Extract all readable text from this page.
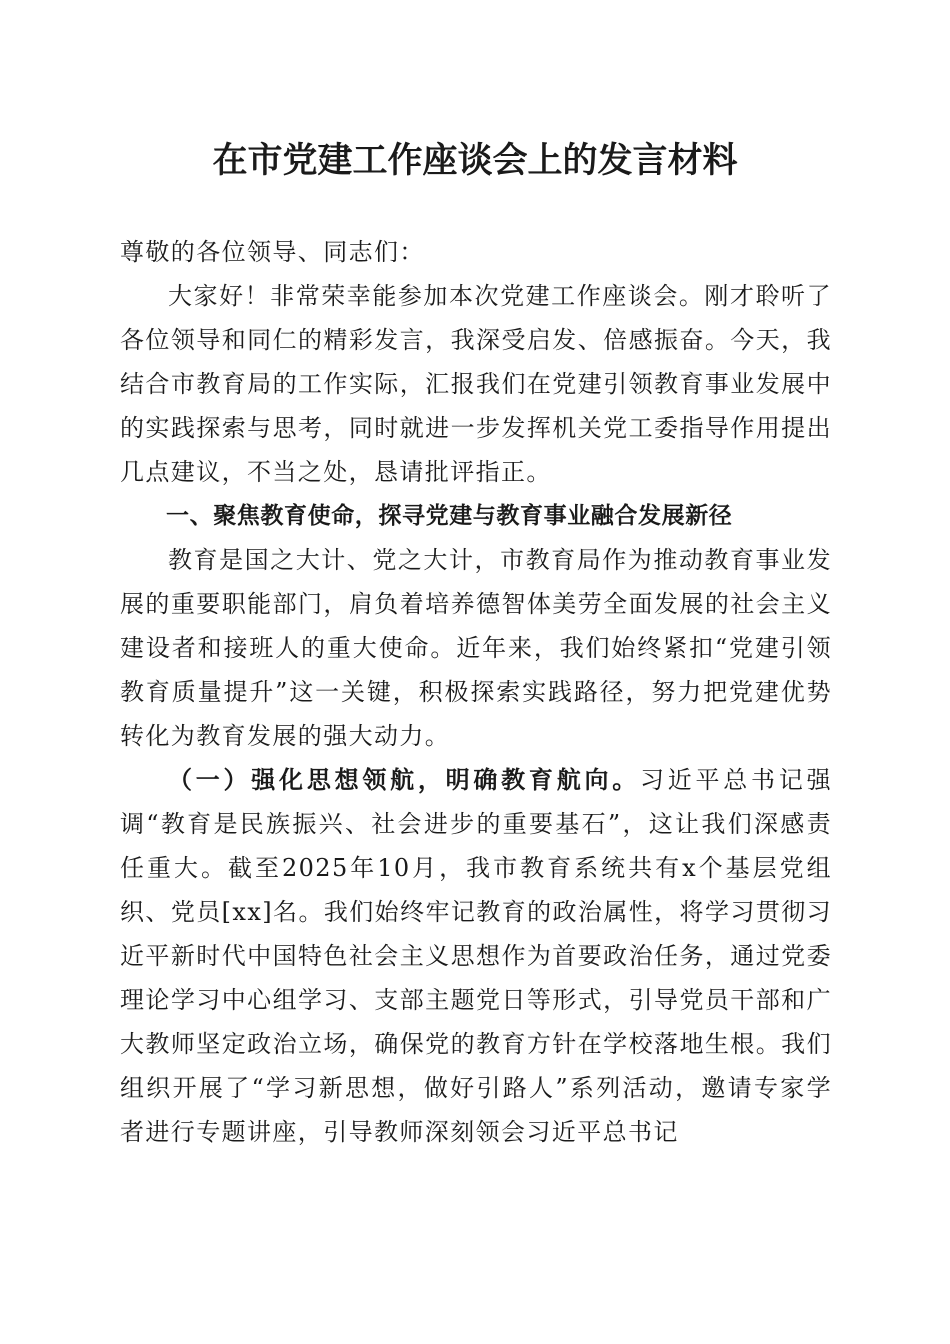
在市党建工作座谈会上的发言材料

尊敬的各位领导、同志们：

大家好！非常荣幸能参加本次党建工作座谈会。刚才聆听了各位领导和同仁的精彩发言，我深受启发、倍感振奋。今天，我结合市教育局的工作实际，汇报我们在党建引领教育事业发展中的实践探索与思考，同时就进一步发挥机关党工委指导作用提出几点建议，不当之处，恳请批评指正。

一、聚焦教育使命，探寻党建与教育事业融合发展新径

教育是国之大计、党之大计，市教育局作为推动教育事业发展的重要职能部门，肩负着培养德智体美劳全面发展的社会主义建设者和接班人的重大使命。近年来，我们始终紧扣“党建引领教育质量提升”这一关键，积极探索实践路径，努力把党建优势转化为教育发展的强大动力。

（一）强化思想领航，明确教育航向。习近平总书记强调“教育是民族振兴、社会进步的重要基石”，这让我们深感责任重大。截至2025年10月，我市教育系统共有x个基层党组织、党员[xx]名。我们始终牢记教育的政治属性，将学习贯彻习近平新时代中国特色社会主义思想作为首要政治任务，通过党委理论学习中心组学习、支部主题党日等形式，引导党员干部和广大教师坚定政治立场，确保党的教育方针在学校落地生根。我们组织开展了“学习新思想，做好引路人”系列活动，邀请专家学者进行专题讲座，引导教师深刻领会习近平总书记
